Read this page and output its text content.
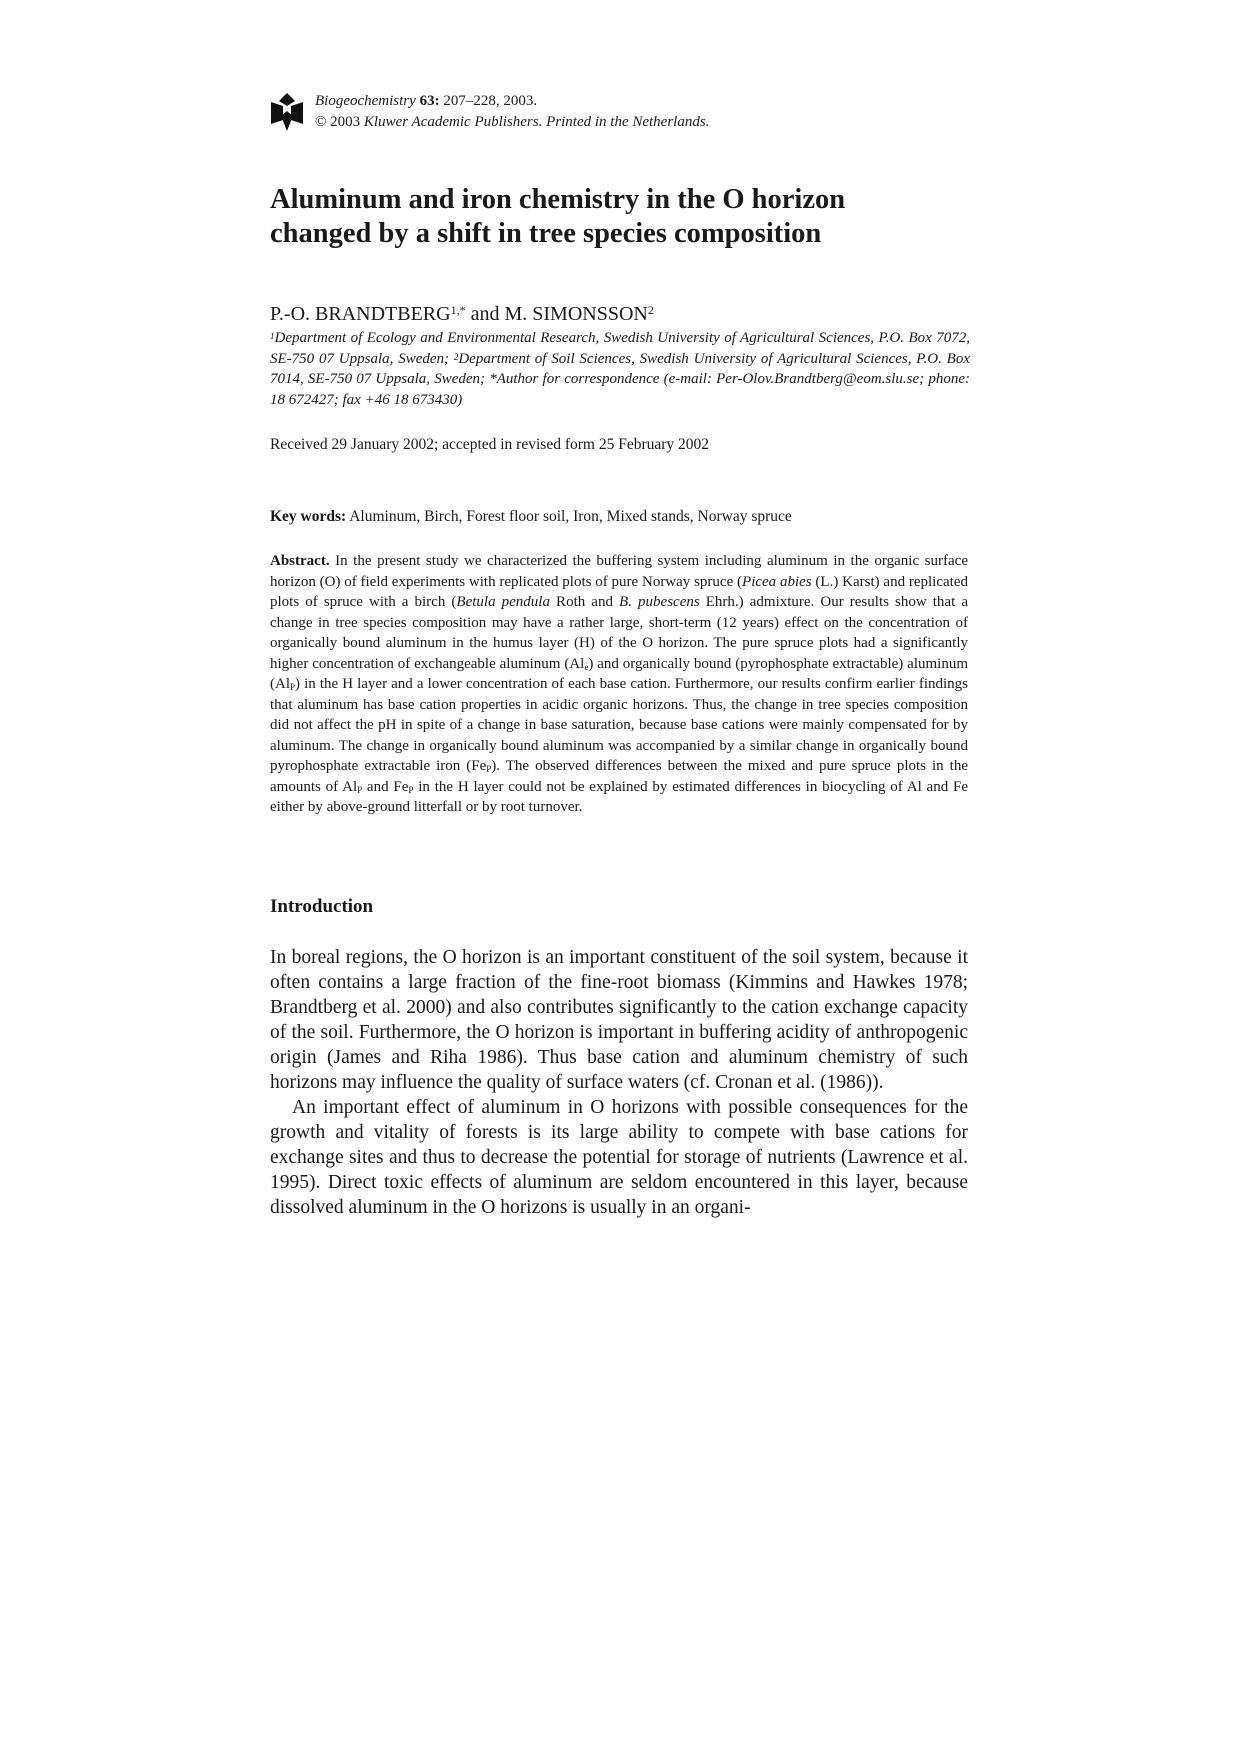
Biogeochemistry 63: 207–228, 2003.
© 2003 Kluwer Academic Publishers. Printed in the Netherlands.
Aluminum and iron chemistry in the O horizon
changed by a shift in tree species composition
P.-O. $BRANDTBERG^{1,*}$ and M. SIMONSSON$^2$

$^1$Department of Ecology and Environmental Research, Swedish University of Agricultural Sciences, P.O. Box 7072, SE-750 07 Uppsala, Sweden; $^2$Department of Soil Sciences, Swedish University of Agricultural Sciences, P.O. Box 7014, SE-750 07 Uppsala, Sweden; *Author for correspondence (e-mail: Per-Olov.Brandtberg@eom.slu.se; phone: 18 672427; fax +46 18 673430)

Received 29 January 2002; accepted in revised form 25 February 2002
Key words: Aluminum, Birch, Forest floor soil, Iron, Mixed stands, Norway spruce

Abstract. In the present study we characterized the buffering system including aluminum in the organic surface horizon (O) of field experiments with replicated plots of pure Norway spruce (Picea abies (L.) Karst) and replicated plots of spruce with a birch (Betula pendula Roth and B. pubescens Ehrh.) admixture. Our results show that a change in tree species composition may have a rather large, short-term (12 years) effect on the concentration of organically bound aluminum in the humus layer (H) of the O horizon. The pure spruce plots had a significantly higher concentration of exchangeable aluminum $(Al_e)$ and organically bound (pyrophosphate extractable) aluminum $(Al_P)$ in the H layer and a lower concentration of each base cation. Furthermore, our results confirm earlier findings that aluminum has base cation properties in acidic organic horizons. Thus, the change in tree species composition did not affect the pH in spite of a change in base saturation, because base cations were mainly compensated for by aluminum. The change in organically bound aluminum was accompanied by a similar change in organically bound pyrophosphate extractable iron $(Fe_P)$. The observed differences between the mixed and pure spruce plots in the amounts of $Al_P$ and $Fe_P$ in the H layer could not be explained by estimated differences in biocycling of Al and Fe either by above-ground litterfall or by root turnover.

Introduction

In boreal regions, the O horizon is an important constituent of the soil system, because it often contains a large fraction of the fine-root biomass (Kimmins and Hawkes 1978; Brandtberg et al. 2000) and also contributes significantly to the cation exchange capacity of the soil. Furthermore, the O horizon is important in buffering acidity of anthropogenic origin (James and Riha 1986). Thus base cation and aluminum chemistry of such horizons may influence the quality of surface waters (cf. Cronan et al. (1986)).

An important effect of aluminum in O horizons with possible consequences for the growth and vitality of forests is its large ability to compete with base cations for exchange sites and thus to decrease the potential for storage of nutrients (Lawrence et al. 1995). Direct toxic effects of aluminum are seldom encountered in this layer, because dissolved aluminum in the O horizons is usually in an organi-
